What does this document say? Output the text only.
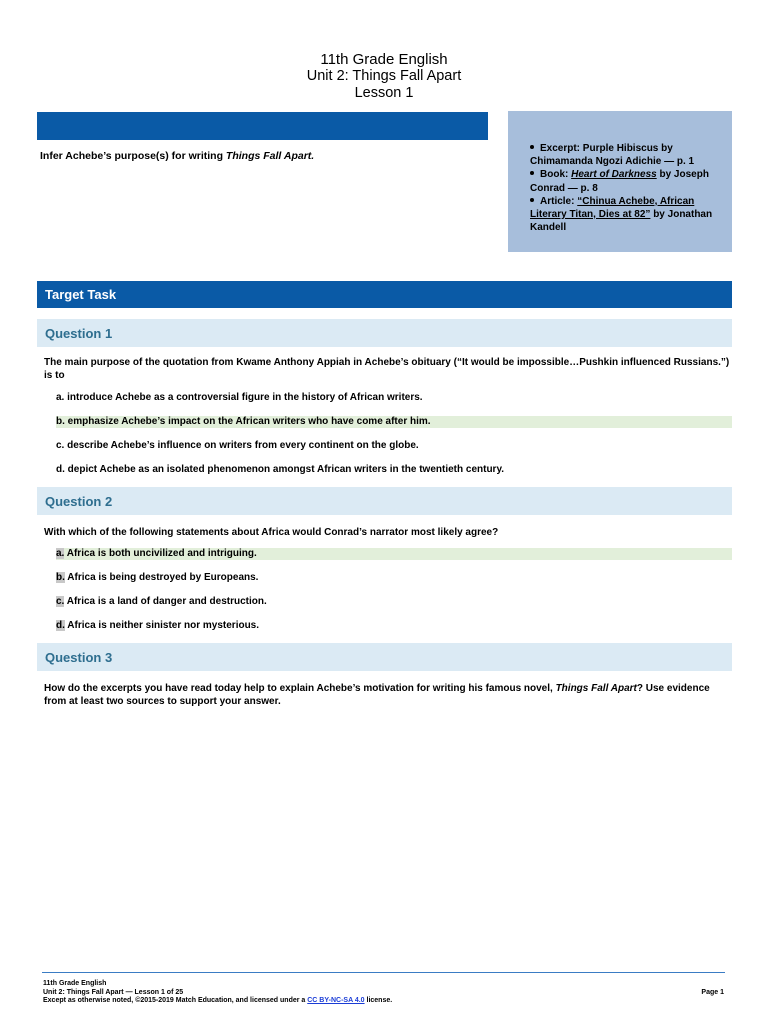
11th Grade English
Unit 2: Things Fall Apart
Lesson 1
Infer Achebe’s purpose(s) for writing Things Fall Apart.
Excerpt: Purple Hibiscus by Chimamanda Ngozi Adichie — p. 1
Book: Heart of Darkness by Joseph Conrad — p. 8
Article: “Chinua Achebe, African Literary Titan, Dies at 82” by Jonathan Kandell
Target Task
Question 1
The main purpose of the quotation from Kwame Anthony Appiah in Achebe’s obituary (“It would be impossible…Pushkin influenced Russians.”) is to
a. introduce Achebe as a controversial figure in the history of African writers.
b. emphasize Achebe’s impact on the African writers who have come after him.
c. describe Achebe’s influence on writers from every continent on the globe.
d. depict Achebe as an isolated phenomenon amongst African writers in the twentieth century.
Question 2
With which of the following statements about Africa would Conrad’s narrator most likely agree?
a. Africa is both uncivilized and intriguing.
b. Africa is being destroyed by Europeans.
c. Africa is a land of danger and destruction.
d. Africa is neither sinister nor mysterious.
Question 3
How do the excerpts you have read today help to explain Achebe’s motivation for writing his famous novel, Things Fall Apart? Use evidence from at least two sources to support your answer.
11th Grade English
Unit 2: Things Fall Apart — Lesson 1 of 25
Except as otherwise noted, ©2015-2019 Match Education, and licensed under a CC BY-NC-SA 4.0 license.
Page 1
